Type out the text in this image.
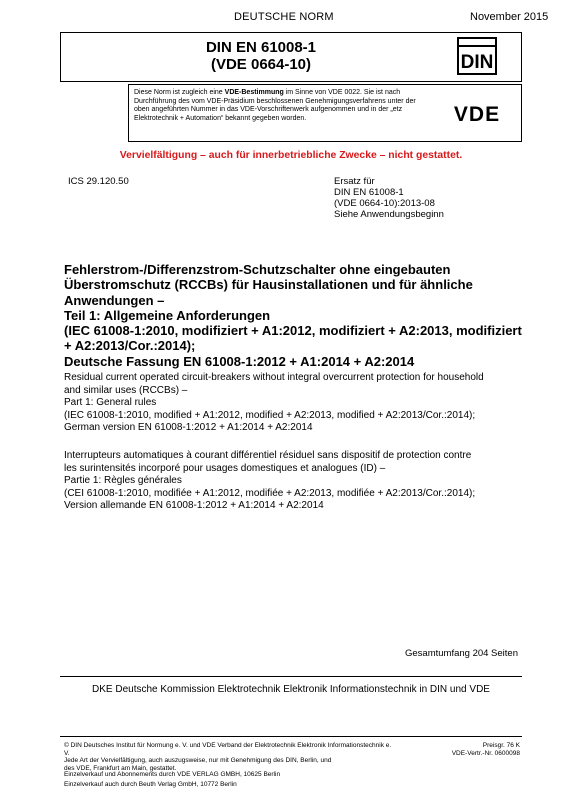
DEUTSCHE NORM	November 2015
DIN EN 61008-1
(VDE 0664-10)	DIN
Diese Norm ist zugleich eine VDE-Bestimmung im Sinne von VDE 0022. Sie ist nach Durchführung des vom VDE-Präsidium beschlossenen Genehmigungsverfahrens unter der oben angeführten Nummer in das VDE-Vorschriftenwerk aufgenommen und in der „etz Elektrotechnik + Automation“ bekannt gegeben worden.	VDE
Vervielfältigung – auch für innerbetriebliche Zwecke – nicht gestattet.
ICS 29.120.50	Ersatz für
DIN EN 61008-1
(VDE 0664-10):2013-08
Siehe Anwendungsbeginn
Fehlerstrom-/Differenzstrom-Schutzschalter ohne eingebauten
Überstromschutz (RCCBs) für Hausinstallationen und für ähnliche
Anwendungen –
Teil 1: Allgemeine Anforderungen
(IEC 61008-1:2010, modifiziert + A1:2012, modifiziert + A2:2013, modifiziert
+ A2:2013/Cor.:2014);
Deutsche Fassung EN 61008-1:2012 + A1:2014 + A2:2014
Residual current operated circuit-breakers without integral overcurrent protection for household
and similar uses (RCCBs) –
Part 1: General rules
(IEC 61008-1:2010, modified + A1:2012, modified + A2:2013, modified + A2:2013/Cor.:2014);
German version EN 61008-1:2012 + A1:2014 + A2:2014
Interrupteurs automatiques à courant différentiel résiduel sans dispositif de protection contre
les surintensités incorporé pour usages domestiques et analogues (ID) –
Partie 1: Règles générales
(CEI 61008-1:2010, modifiée + A1:2012, modifiée + A2:2013, modifiée + A2:2013/Cor.:2014);
Version allemande EN 61008-1:2012 + A1:2014 + A2:2014
Gesamtumfang 204 Seiten
DKE Deutsche Kommission Elektrotechnik Elektronik Informationstechnik in DIN und VDE
© DIN Deutsches Institut für Normung e. V. und VDE Verband der Elektrotechnik Elektronik Informationstechnik e. V.
Jede Art der Vervielfältigung, auch auszugsweise, nur mit Genehmigung des DIN, Berlin, und
des VDE, Frankfurt am Main, gestattet.
Preisgr. 76 K
VDE-Vertr.-Nr. 0600098
Einzelverkauf und Abonnements durch VDE VERLAG GMBH, 10625 Berlin
Einzelverkauf auch durch Beuth Verlag GmbH, 10772 Berlin
